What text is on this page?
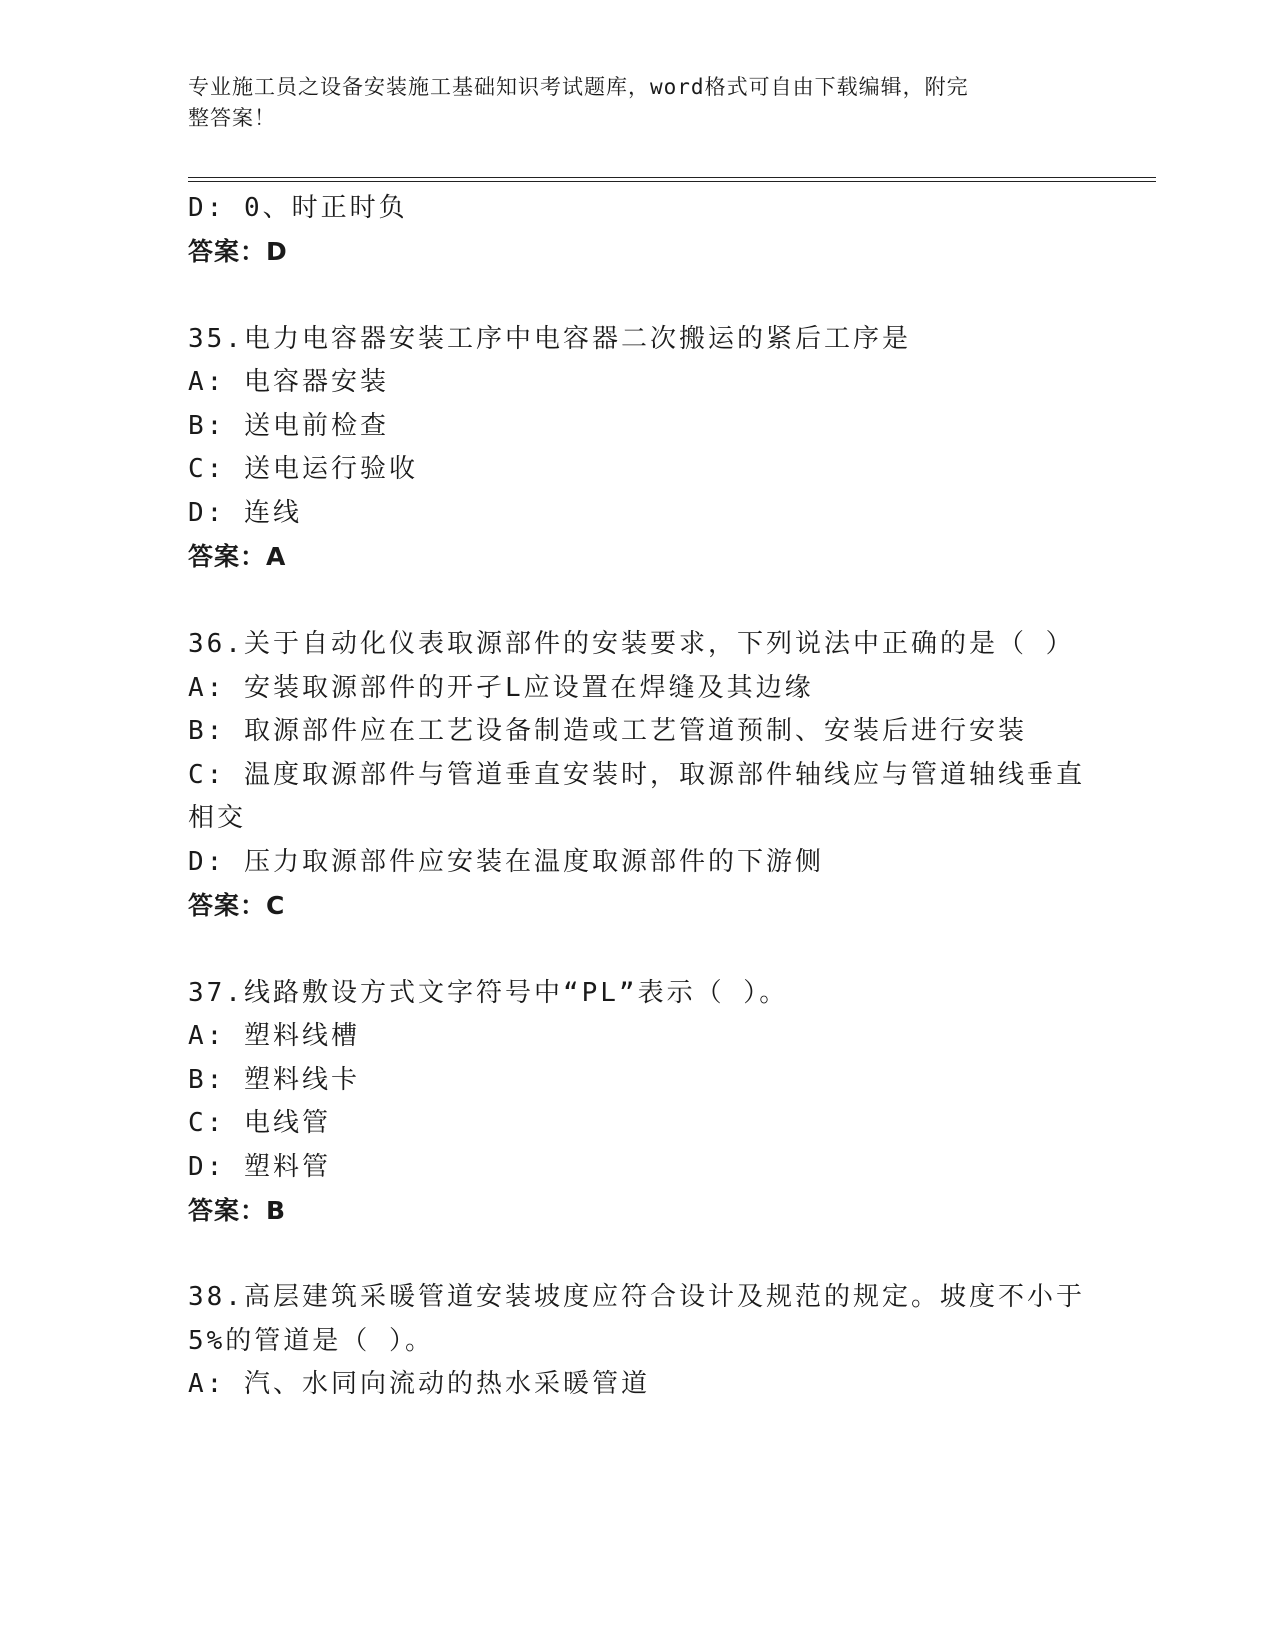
专业施工员之设备安装施工基础知识考试题库，word格式可自由下载编辑，附完
整答案！
D: 0、时正时负
答案：D
35.电力电容器安装工序中电容器二次搬运的紧后工序是
A: 电容器安装
B: 送电前检查
C: 送电运行验收
D: 连线
答案：A
36.关于自动化仪表取源部件的安装要求，下列说法中正确的是（ ）
A: 安装取源部件的开孑L应设置在焊缝及其边缘
B: 取源部件应在工艺设备制造或工艺管道预制、安装后进行安装
C: 温度取源部件与管道垂直安装时，取源部件轴线应与管道轴线垂直
相交
D: 压力取源部件应安装在温度取源部件的下游侧
答案：C
37.线路敷设方式文字符号中“PL”表示（ ）。
A: 塑料线槽
B: 塑料线卡
C: 电线管
D: 塑料管
答案：B
38.高层建筑采暖管道安装坡度应符合设计及规范的规定。坡度不小于
5%的管道是（ ）。
A: 汽、水同向流动的热水采暖管道
